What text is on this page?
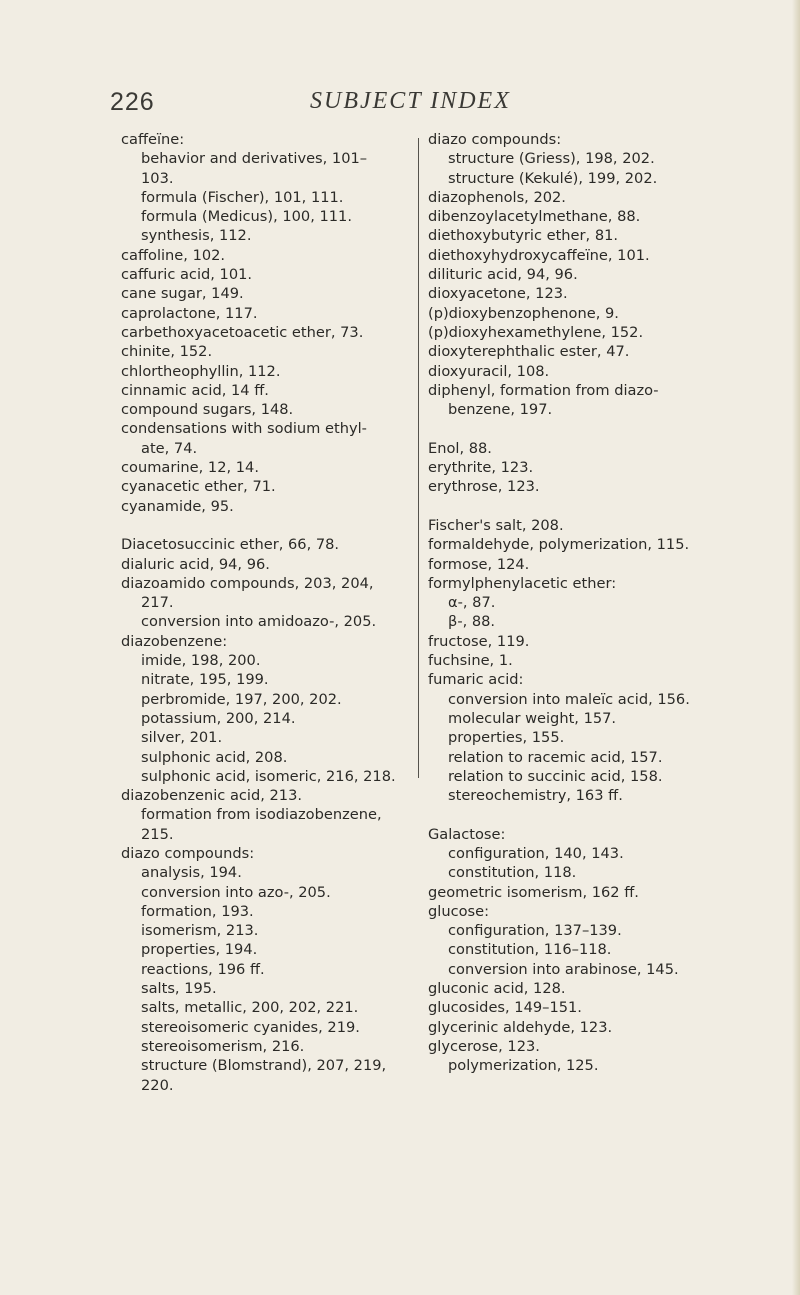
226	SUBJECT INDEX
caffeïne:
behavior and derivatives, 101–
103.
formula (Fischer), 101, 111.
formula (Medicus), 100, 111.
synthesis, 112.
caffoline, 102.
caffuric acid, 101.
cane sugar, 149.
caprolactone, 117.
carbethoxyacetoacetic ether, 73.
chinite, 152.
chlortheophyllin, 112.
cinnamic acid, 14 ff.
compound sugars, 148.
condensations with sodium ethyl-
ate, 74.
coumarine, 12, 14.
cyanacetic ether, 71.
cyanamide, 95.
Diacetosuccinic ether, 66, 78.
dialuric acid, 94, 96.
diazoamido compounds, 203, 204,
217.
conversion into amidoazo-, 205.
diazobenzene:
imide, 198, 200.
nitrate, 195, 199.
perbromide, 197, 200, 202.
potassium, 200, 214.
silver, 201.
sulphonic acid, 208.
sulphonic acid, isomeric, 216, 218.
diazobenzenic acid, 213.
formation from isodiazobenzene,
215.
diazo compounds:
analysis, 194.
conversion into azo-, 205.
formation, 193.
isomerism, 213.
properties, 194.
reactions, 196 ff.
salts, 195.
salts, metallic, 200, 202, 221.
stereoisomeric cyanides, 219.
stereoisomerism, 216.
structure (Blomstrand), 207, 219,
220.
diazo compounds:
structure (Griess), 198, 202.
structure (Kekulé), 199, 202.
diazophenols, 202.
dibenzoylacetylmethane, 88.
diethoxybutyric ether, 81.
diethoxyhydroxycaffeïne, 101.
dilituric acid, 94, 96.
dioxyacetone, 123.
(p)dioxybenzophenone, 9.
(p)dioxyhexamethylene, 152.
dioxyterephthalic ester, 47.
dioxyuracil, 108.
diphenyl, formation from diazo-
benzene, 197.
Enol, 88.
erythrite, 123.
erythrose, 123.
Fischer's salt, 208.
formaldehyde, polymerization, 115.
formose, 124.
formylphenylacetic ether:
α-, 87.
β-, 88.
fructose, 119.
fuchsine, 1.
fumaric acid:
conversion into maleïc acid, 156.
molecular weight, 157.
properties, 155.
relation to racemic acid, 157.
relation to succinic acid, 158.
stereochemistry, 163 ff.
Galactose:
configuration, 140, 143.
constitution, 118.
geometric isomerism, 162 ff.
glucose:
configuration, 137–139.
constitution, 116–118.
conversion into arabinose, 145.
gluconic acid, 128.
glucosides, 149–151.
glycerinic aldehyde, 123.
glycerose, 123.
polymerization, 125.
